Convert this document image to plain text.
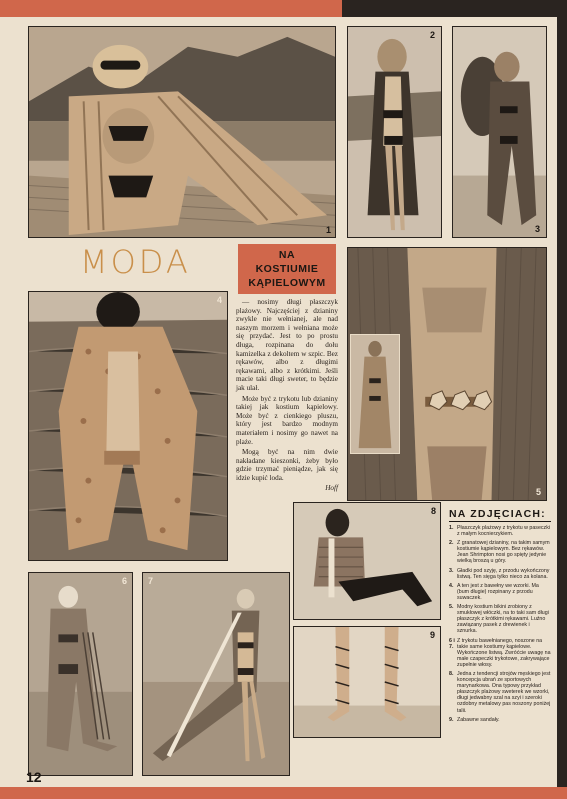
1
2
3
MODA	NA
KOSTIUMIE
KĄPIELOWYM
4	— nosimy długi płaszczyk plażowy. Najczęściej z dzianiny zwykle nie wełnianej, ale nad naszym morzem i wełniana może się przydać. Jest to po prostu długa, rozpinana do dołu kamizelka z dekoltem w szpic. Bez rękawów, albo z długimi rękawami, albo z krótkimi. Jeśli macie taki długi sweter, to będzie jak ulał.

Może być z trykotu lub dzianiny takiej jak kostium kąpielowy. Może być z cienkiego pluszu, który jest bardzo modnym materiałem i nosimy go nawet na plaże.

Mogą być na nim dwie nakładane kieszonki, żeby było gdzie trzymać pieniądze, jak się idzie kupić loda.

Hoff	5
8
9
6 7
NA ZDJĘCIACH:
1. Płaszczyk plażowy z trykotu w paseczki z małym kocnierzykiem.
2. Z granatowej dzianiny, na takim samym kostiumie kąpielowym. Bez rękawów. Jean Shrimpton nosi go spięty jedynie wielką broszą u góry.
3. Gładki pod szyję, z przodu wykończony listwą. Ten sięga tylko nieco za kolana.
4. A ten jest z bawełny we wzorki. Ma (bum długie) rozpinany z przodu suwaczek.
5. Modny kostium bikini zrobiony z smukłowej włóczki, na to taki sam długi płaszczyk z krótkimi rękawami. Luźno zawiązany pasek z drewienek i sznurka.
6 i 7.
Z trykotu bawełnianego, noszone na takie same kostiumy kąpielowe. Wykończone listwą. Zwróćcie uwagę na małe czapeczki trykotowe, zakrywające zupełnie włosy.
8. Jedna z tendencji strojów męskiego jest koncepcja ubrań ze sportowych marynarkowa. Ona typowy przykład płaszczyk plażowy sweterek we wzorki, długi jedwabny szal na szyi i szeroki ozdobny metalowy pas noszony poniżej talii.
9. Zabawne sandały.
12
